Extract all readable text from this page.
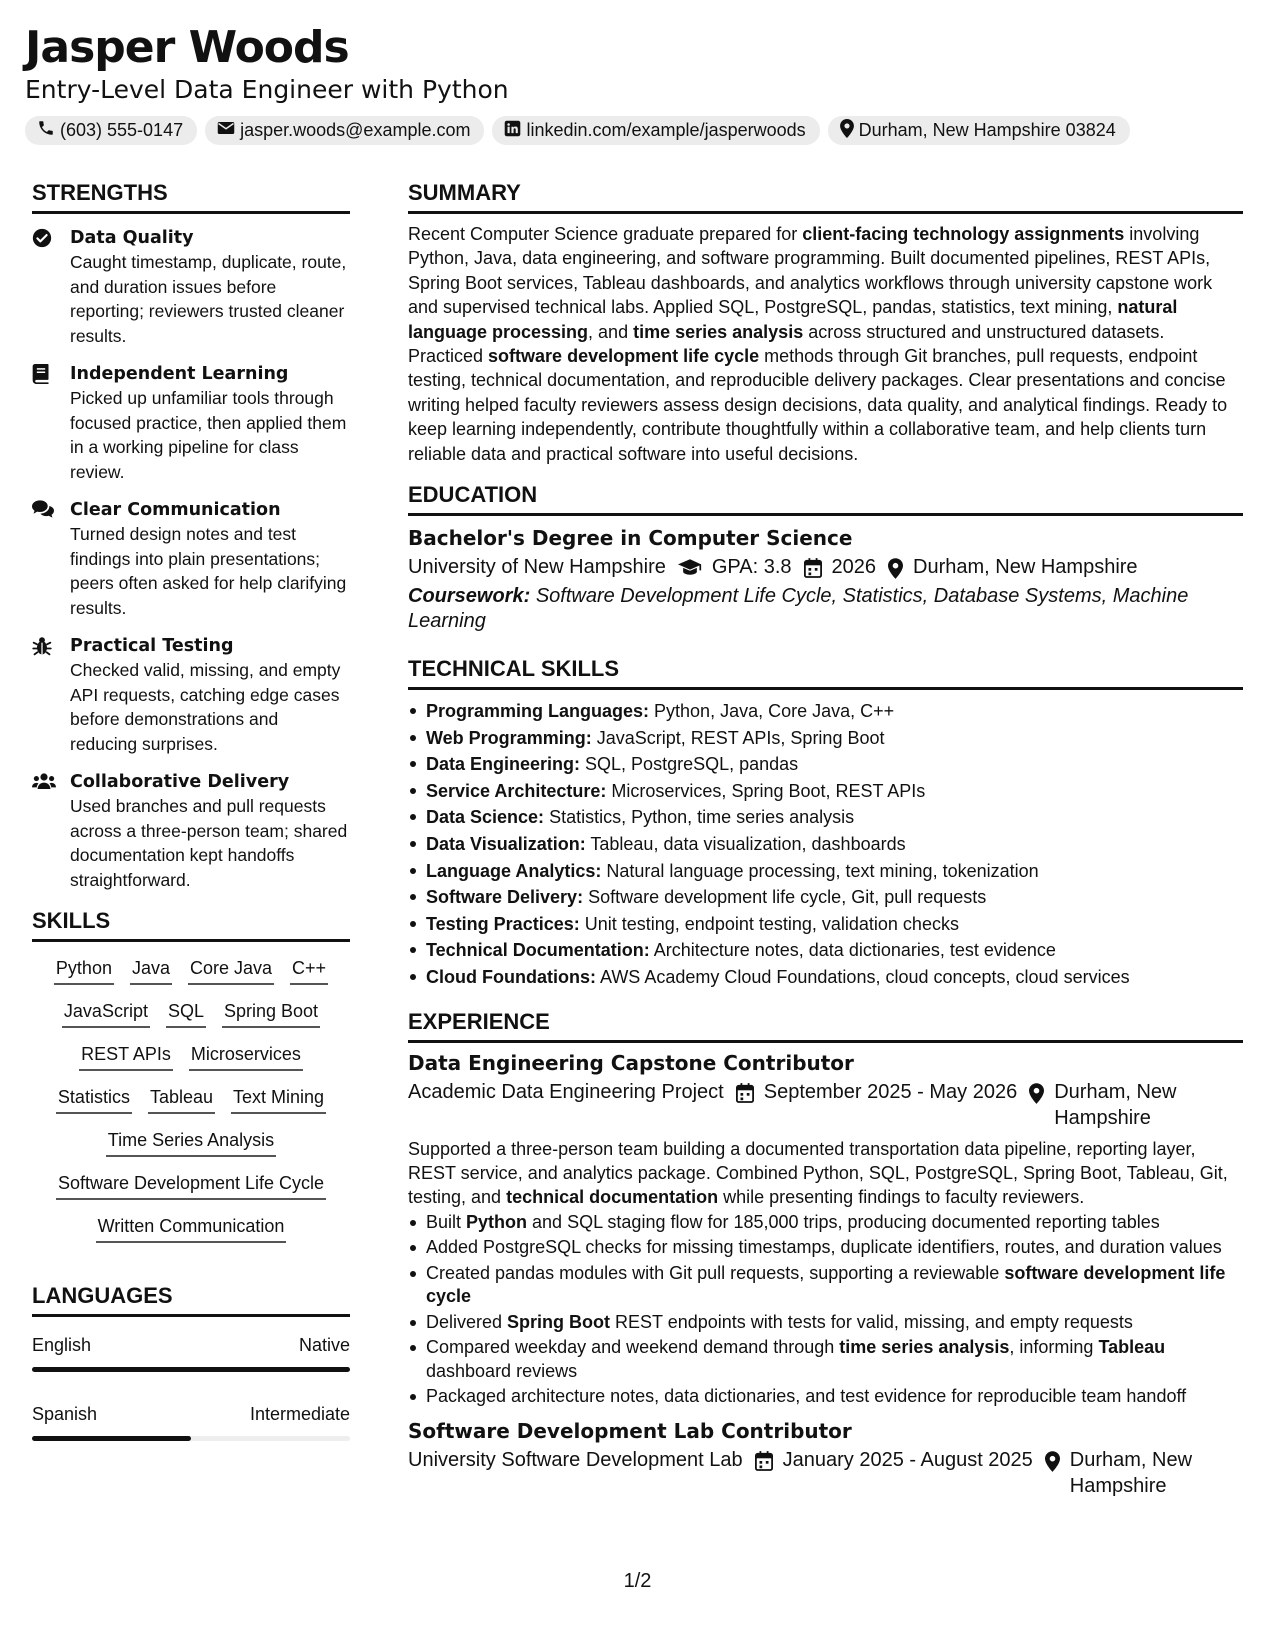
Jasper Woods
Entry-Level Data Engineer with Python
(603) 555-0147	jasper.woods@example.com	linkedin.com/example/jasperwoods	Durham, New Hampshire 03824
STRENGTHS
Data Quality
Caught timestamp, duplicate, route, and duration issues before reporting; reviewers trusted cleaner results.
Independent Learning
Picked up unfamiliar tools through focused practice, then applied them in a working pipeline for class review.
Clear Communication
Turned design notes and test findings into plain presentations; peers often asked for help clarifying results.
Practical Testing
Checked valid, missing, and empty API requests, catching edge cases before demonstrations and reducing surprises.
Collaborative Delivery
Used branches and pull requests across a three-person team; shared documentation kept handoffs straightforward.
SKILLS
Python Java Core Java C++
JavaScript SQL Spring Boot
REST APIs Microservices
Statistics Tableau Text Mining
Time Series Analysis
Software Development Life Cycle
Written Communication
LANGUAGES
English	Native
Spanish	Intermediate
SUMMARY
Recent Computer Science graduate prepared for client-facing technology assignments involving Python, Java, data engineering, and software programming. Built documented pipelines, REST APIs, Spring Boot services, Tableau dashboards, and analytics workflows through university capstone work and supervised technical labs. Applied SQL, PostgreSQL, pandas, statistics, text mining, natural language processing, and time series analysis across structured and unstructured datasets. Practiced software development life cycle methods through Git branches, pull requests, endpoint testing, technical documentation, and reproducible delivery packages. Clear presentations and concise writing helped faculty reviewers assess design decisions, data quality, and analytical findings. Ready to keep learning independently, contribute thoughtfully within a collaborative team, and help clients turn reliable data and practical software into useful decisions.
EDUCATION
Bachelor's Degree in Computer Science
University of New Hampshire GPA: 3.8 2026 Durham, New Hampshire
Coursework: Software Development Life Cycle, Statistics, Database Systems, Machine Learning
TECHNICAL SKILLS
Programming Languages: Python, Java, Core Java, C++
Web Programming: JavaScript, REST APIs, Spring Boot
Data Engineering: SQL, PostgreSQL, pandas
Service Architecture: Microservices, Spring Boot, REST APIs
Data Science: Statistics, Python, time series analysis
Data Visualization: Tableau, data visualization, dashboards
Language Analytics: Natural language processing, text mining, tokenization
Software Delivery: Software development life cycle, Git, pull requests
Testing Practices: Unit testing, endpoint testing, validation checks
Technical Documentation: Architecture notes, data dictionaries, test evidence
Cloud Foundations: AWS Academy Cloud Foundations, cloud concepts, cloud services
EXPERIENCE
Data Engineering Capstone Contributor
Academic Data Engineering Project September 2025 - May 2026 Durham, New Hampshire
Supported a three-person team building a documented transportation data pipeline, reporting layer, REST service, and analytics package. Combined Python, SQL, PostgreSQL, Spring Boot, Tableau, Git, testing, and technical documentation while presenting findings to faculty reviewers.
Built Python and SQL staging flow for 185,000 trips, producing documented reporting tables
Added PostgreSQL checks for missing timestamps, duplicate identifiers, routes, and duration values
Created pandas modules with Git pull requests, supporting a reviewable software development life cycle
Delivered Spring Boot REST endpoints with tests for valid, missing, and empty requests
Compared weekday and weekend demand through time series analysis, informing Tableau dashboard reviews
Packaged architecture notes, data dictionaries, and test evidence for reproducible team handoff
Software Development Lab Contributor
University Software Development Lab January 2025 - August 2025 Durham, New Hampshire
1/2
